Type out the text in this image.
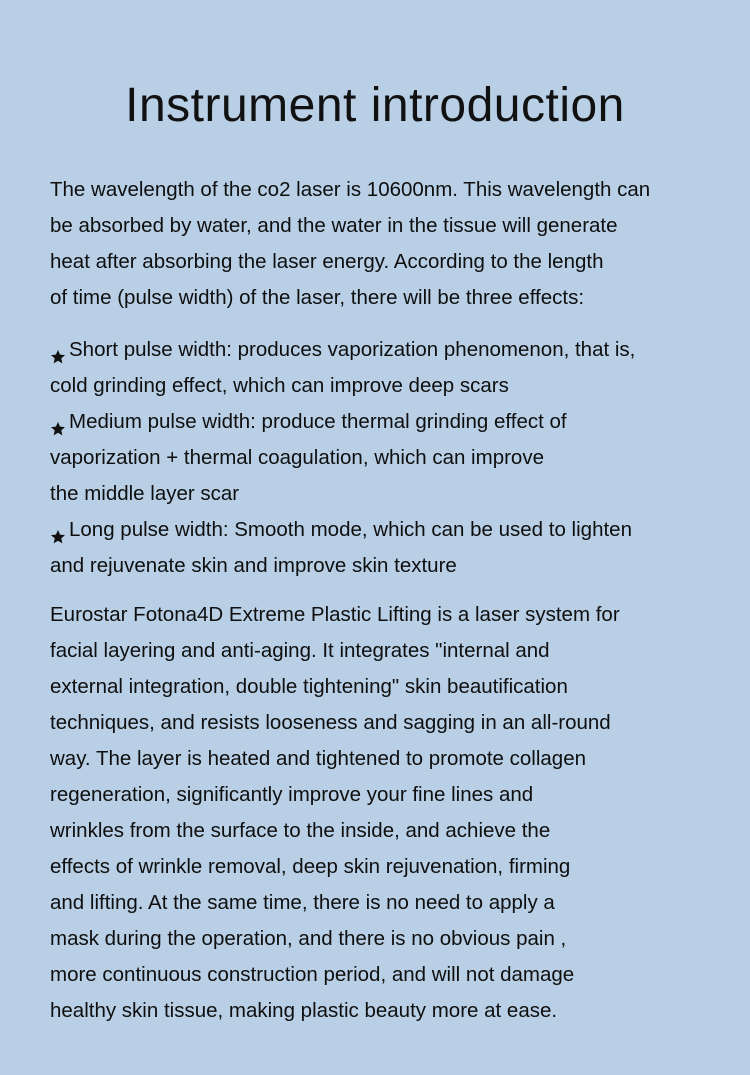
Instrument introduction
The wavelength of the co2 laser is 10600nm. This wavelength can
be absorbed by water, and the water in the tissue will generate
heat after absorbing the laser energy. According to the length
of time (pulse width) of the laser, there will be three effects:
Short pulse width: produces vaporization phenomenon, that is,
cold grinding effect, which can improve deep scars
Medium pulse width: produce thermal grinding effect of
vaporization + thermal coagulation, which can improve
the middle layer scar
Long pulse width: Smooth mode, which can be used to lighten
and rejuvenate skin and improve skin texture
Eurostar Fotona4D Extreme Plastic Lifting is a laser system for
facial layering and anti-aging. It integrates "internal and
external integration, double tightening" skin beautification
techniques, and resists looseness and sagging in an all-round
way. The layer is heated and tightened to promote collagen
regeneration, significantly improve your fine lines and
wrinkles from the surface to the inside, and achieve the
effects of wrinkle removal, deep skin rejuvenation, firming
and lifting. At the same time, there is no need to apply a
mask during the operation, and there is no obvious pain ,
more continuous construction period, and will not damage
healthy skin tissue, making plastic beauty more at ease.
